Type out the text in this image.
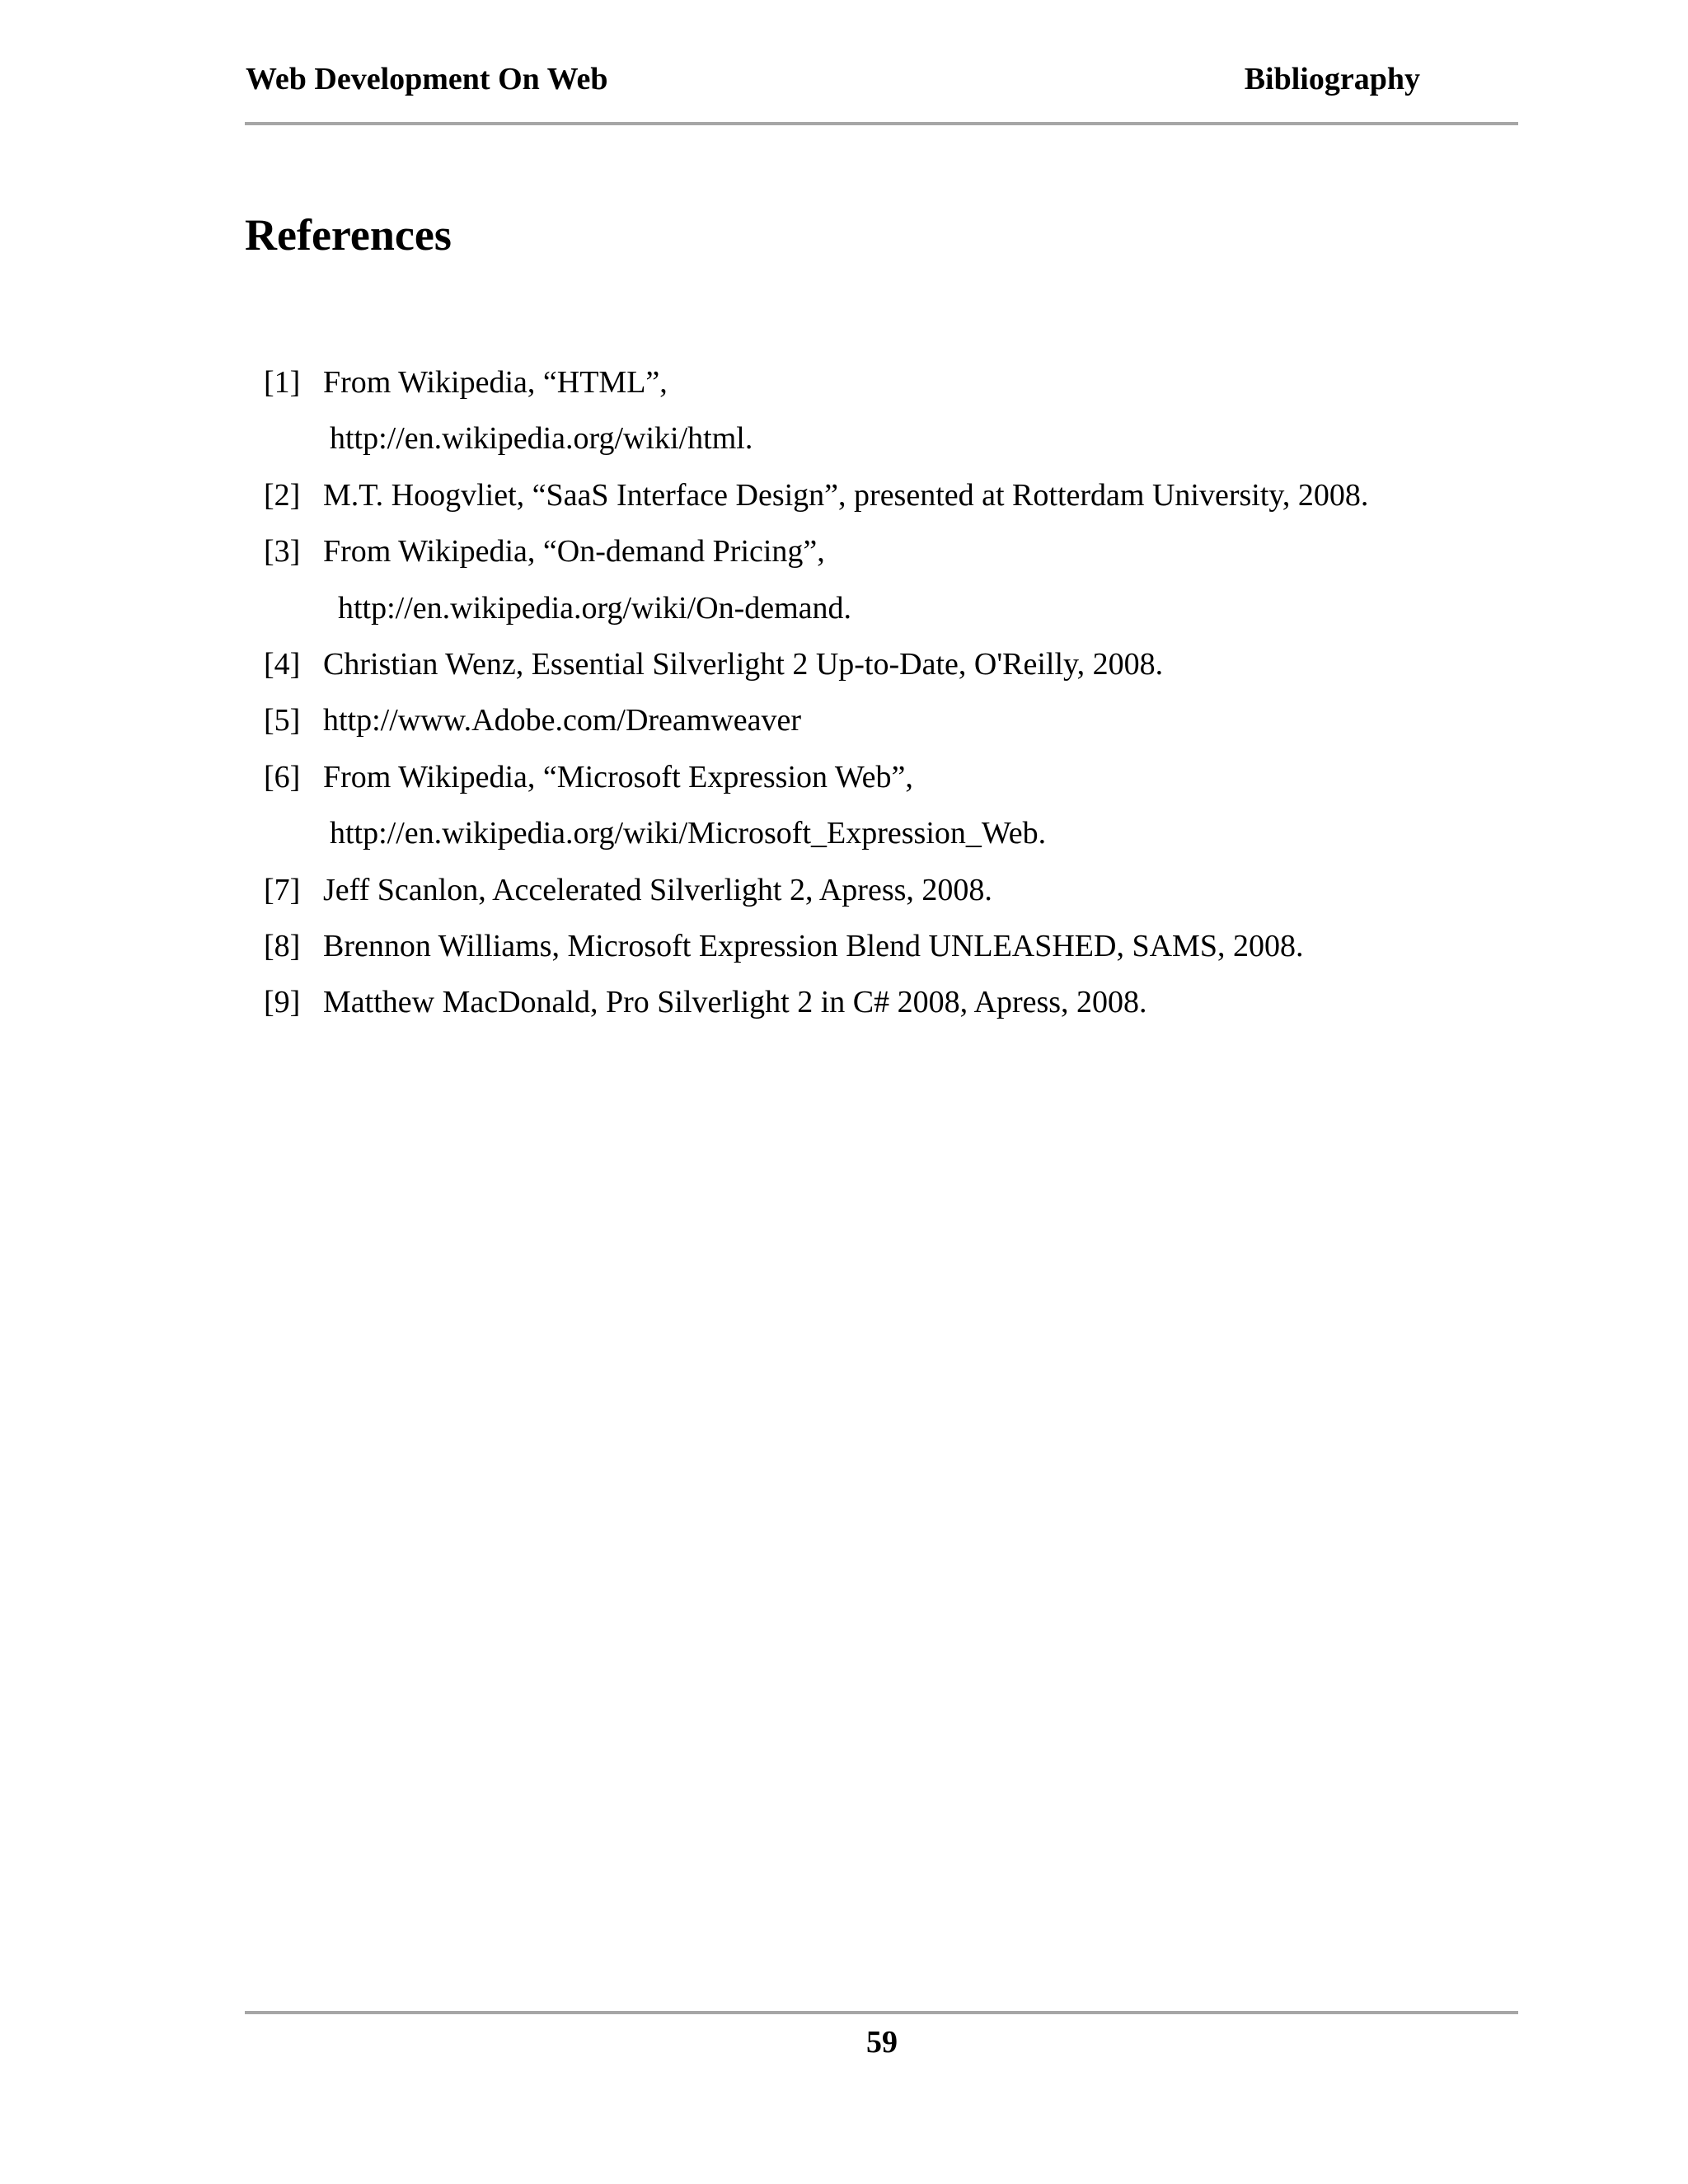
Web Development On Web	Bibliography
References
[1] From Wikipedia, “HTML”,
http://en.wikipedia.org/wiki/html.
[2] M.T. Hoogvliet, “SaaS Interface Design”, presented at Rotterdam University, 2008.
[3] From Wikipedia, “On-demand Pricing”,
http://en.wikipedia.org/wiki/On-demand.
[4] Christian Wenz, Essential Silverlight 2 Up-to-Date, O'Reilly, 2008.
[5] http://www.Adobe.com/Dreamweaver
[6] From Wikipedia, “Microsoft Expression Web”,
http://en.wikipedia.org/wiki/Microsoft_Expression_Web.
[7] Jeff Scanlon, Accelerated Silverlight 2, Apress, 2008.
[8] Brennon Williams, Microsoft Expression Blend UNLEASHED, SAMS, 2008.
[9] Matthew MacDonald, Pro Silverlight 2 in C# 2008, Apress, 2008.
59
